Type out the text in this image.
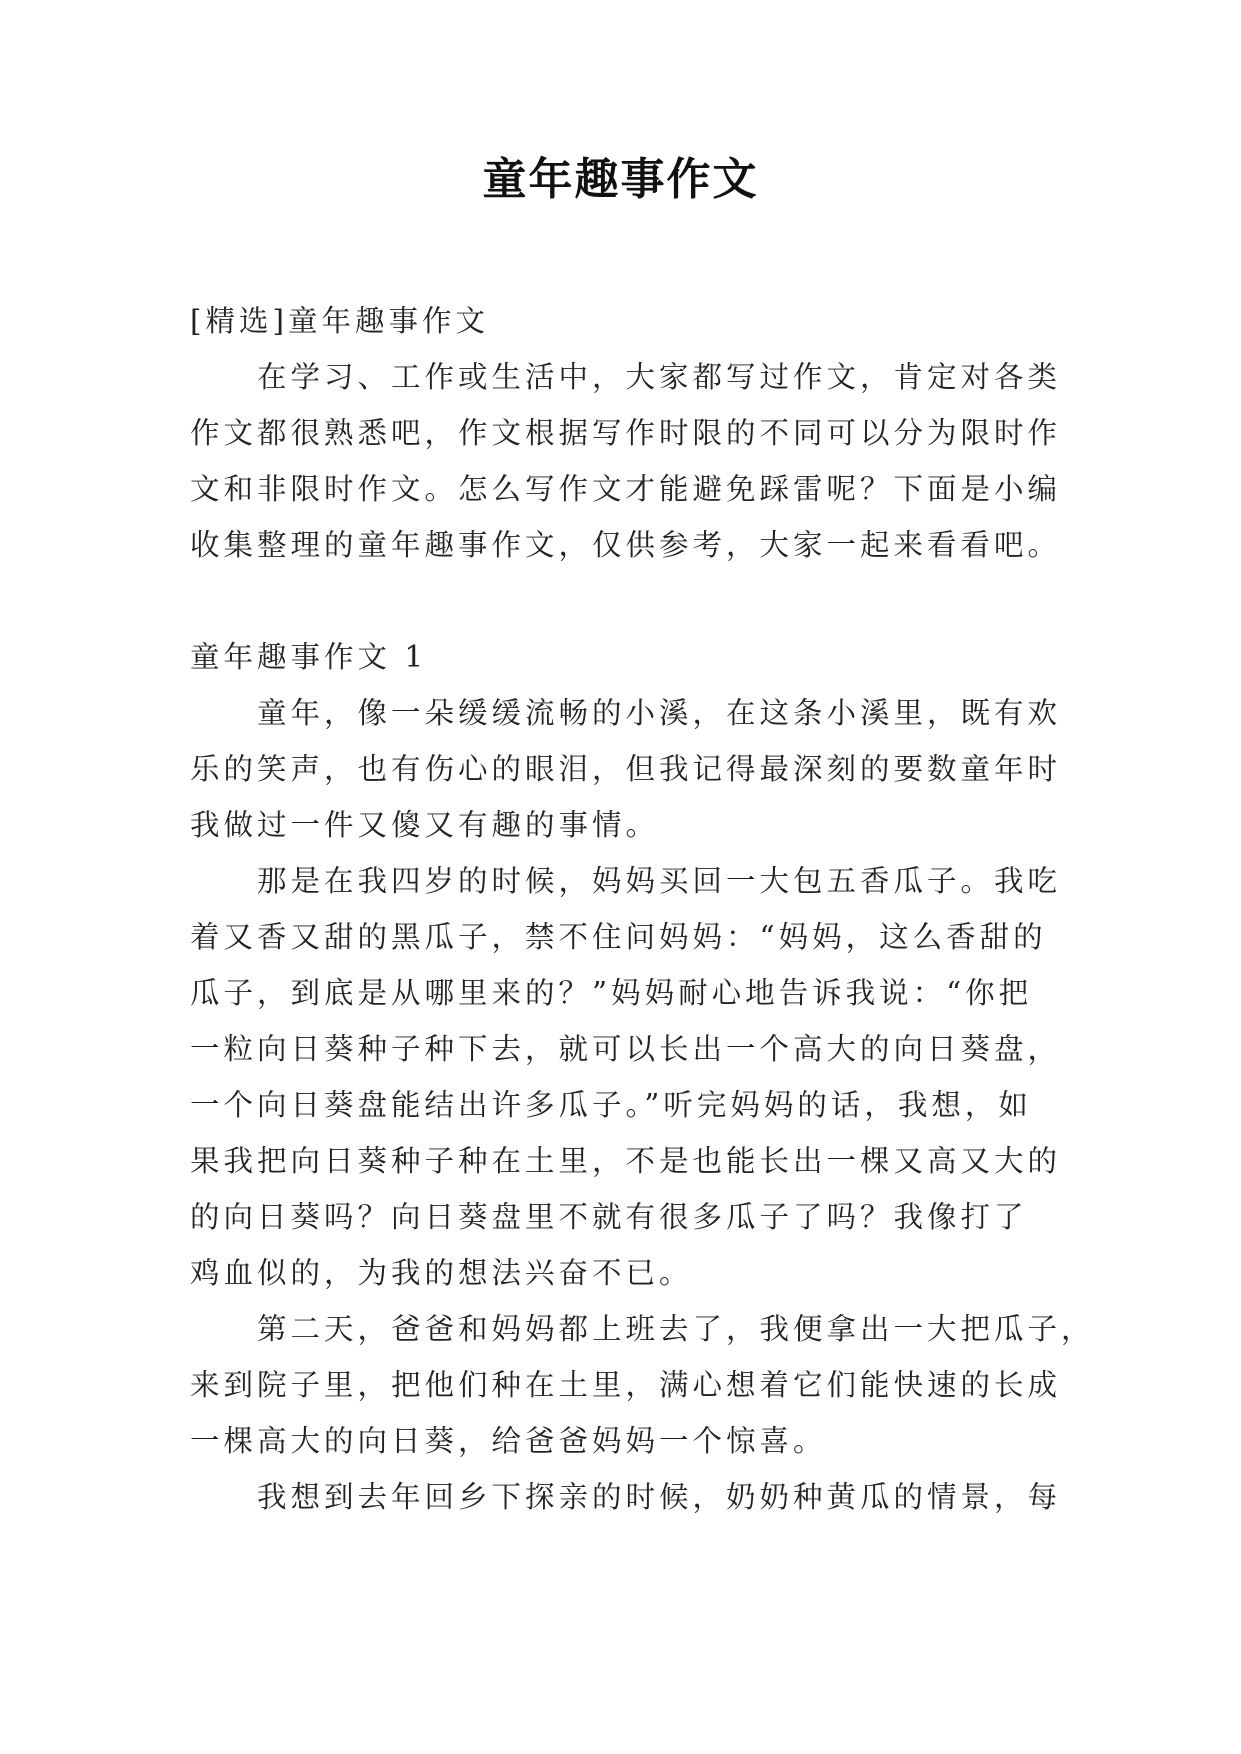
童年趣事作文

[精选]童年趣事作文

　　在学习、工作或生活中，大家都写过作文，肯定对各类

作文都很熟悉吧，作文根据写作时限的不同可以分为限时作

文和非限时作文。怎么写作文才能避免踩雷呢？下面是小编

收集整理的童年趣事作文，仅供参考，大家一起来看看吧。

童年趣事作文 1

　　童年，像一朵缓缓流畅的小溪，在这条小溪里，既有欢

乐的笑声，也有伤心的眼泪，但我记得最深刻的要数童年时

我做过一件又傻又有趣的事情。

　　那是在我四岁的时候，妈妈买回一大包五香瓜子。我吃

着又香又甜的黑瓜子，禁不住问妈妈：“妈妈，这么香甜的

瓜子，到底是从哪里来的？”妈妈耐心地告诉我说：“你把

一粒向日葵种子种下去，就可以长出一个高大的向日葵盘，

一个向日葵盘能结出许多瓜子。”听完妈妈的话，我想，如

果我把向日葵种子种在土里，不是也能长出一棵又高又大的

的向日葵吗？向日葵盘里不就有很多瓜子了吗？我像打了

鸡血似的，为我的想法兴奋不已。

　　第二天，爸爸和妈妈都上班去了，我便拿出一大把瓜子，

来到院子里，把他们种在土里，满心想着它们能快速的长成

一棵高大的向日葵，给爸爸妈妈一个惊喜。

　　我想到去年回乡下探亲的时候，奶奶种黄瓜的情景，每
